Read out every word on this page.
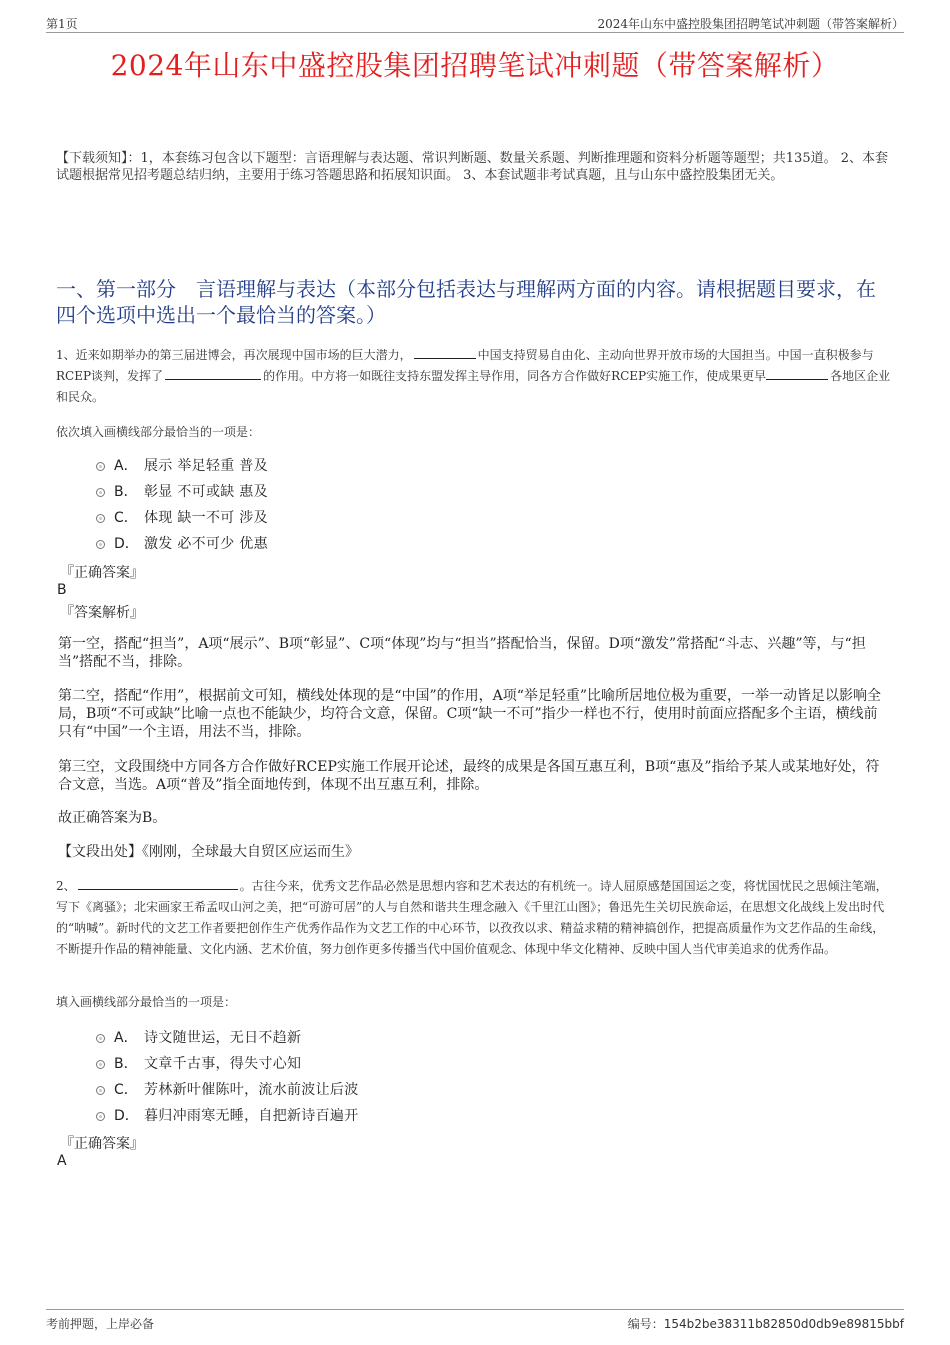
第1页	2024年山东中盛控股集团招聘笔试冲刺题（带答案解析）
2024年山东中盛控股集团招聘笔试冲刺题（带答案解析）
【下载须知】：1，本套练习包含以下题型：言语理解与表达题、常识判断题、数量关系题、判断推理题和资料分析题等题型；共135道。 2、本套试题根据常见招考题总结归纳，主要用于练习答题思路和拓展知识面。 3、本套试题非考试真题，且与山东中盛控股集团无关。
一、第一部分　言语理解与表达（本部分包括表达与理解两方面的内容。请根据题目要求，在四个选项中选出一个最恰当的答案。）
1、近来如期举办的第三届进博会，再次展现中国市场的巨大潜力，	中国支持贸易自由化、主动向世界开放市场的大国担当。中国一直积极参与RCEP谈判，发挥了	的作用。中方将一如既往支持东盟发挥主导作用，同各方合作做好RCEP实施工作，使成果更早	各地区企业和民众。
依次填入画横线部分最恰当的一项是：
A． 展示 举足轻重 普及
B． 彰显 不可或缺 惠及
C． 体现 缺一不可 涉及
D． 激发 必不可少 优惠
『正确答案』
B
『答案解析』

第一空，搭配“担当”，A项“展示”、B项“彰显”、C项“体现”均与“担当”搭配恰当，保留。D项“激发”常搭配“斗志、兴趣”等，与“担当”搭配不当，排除。

第二空，搭配“作用”，根据前文可知，横线处体现的是“中国”的作用，A项“举足轻重”比喻所居地位极为重要，一举一动皆足以影响全局，B项“不可或缺”比喻一点也不能缺少，均符合文意，保留。C项“缺一不可”指少一样也不行，使用时前面应搭配多个主语，横线前只有“中国”一个主语，用法不当，排除。

第三空，文段围绕中方同各方合作做好RCEP实施工作展开论述，最终的成果是各国互惠互利，B项“惠及”指给予某人或某地好处，符合文意，当选。A项“普及”指全面地传到，体现不出互惠互利，排除。

故正确答案为B。

【文段出处】《刚刚，全球最大自贸区应运而生》

2、	。古往今来，优秀文艺作品必然是思想内容和艺术表达的有机统一。诗人屈原感楚国国运之变，将忧国忧民之思倾注笔端，写下《离骚》；北宋画家王希孟叹山河之美，把“可游可居”的人与自然和谐共生理念融入《千里江山图》；鲁迅先生关切民族命运，在思想文化战线上发出时代的“呐喊”。新时代的文艺工作者要把创作生产优秀作品作为文艺工作的中心环节，以孜孜以求、精益求精的精神搞创作，把提高质量作为文艺作品的生命线，不断提升作品的精神能量、文化内涵、艺术价值，努力创作更多传播当代中国价值观念、体现中华文化精神、反映中国人当代审美追求的优秀作品。
填入画横线部分最恰当的一项是：
A． 诗文随世运，无日不趋新
B． 文章千古事，得失寸心知
C． 芳林新叶催陈叶，流水前波让后波
D． 暮归冲雨寒无睡，自把新诗百遍开
『正确答案』
A
考前押题，上岸必备	编号：154b2be38311b82850d0db9e89815bbf
